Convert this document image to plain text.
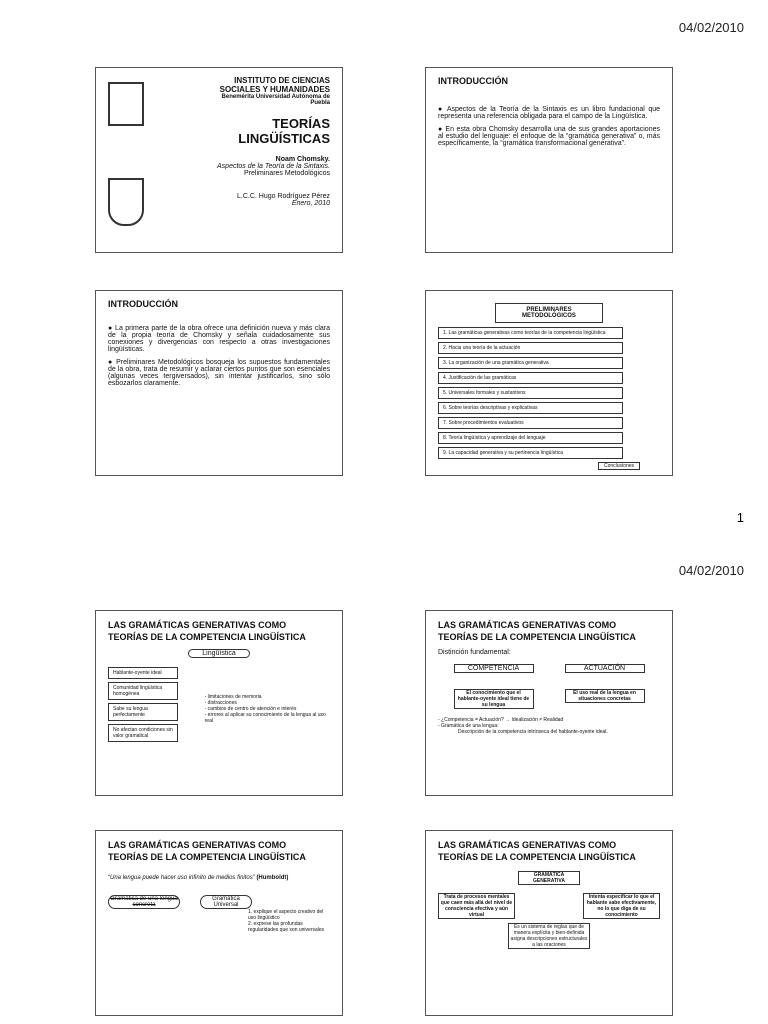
04/02/2010
1
04/02/2010
INSTITUTO DE CIENCIAS SOCIALES Y HUMANIDADES
Benemérita Universidad Autónoma de Puebla
TEORÍAS LINGÜÍSTICAS
Noam Chomsky.
Aspectos de la Teoría de la Sintaxis.
Preliminares Metodológicos
L.C.C. Hugo Rodríguez Pérez
Enero, 2010
INTRODUCCIÓN
● Aspectos de la Teoría de la Sintaxis es un libro fundacional que representa una referencia obligada para el campo de la Lingüística.
● En esta obra Chomsky desarrolla una de sus grandes aportaciones al estudio del lenguaje: el enfoque de la “gramática generativa” o, más específicamente, la “gramática transformacional generativa”.
INTRODUCCIÓN
● La primera parte de la obra ofrece una definición nueva y más clara de la propia teoría de Chomsky y señala cuidadosamente sus conexiones y divergencias con respecto a otras investigaciones lingüísticas.
● Preliminares Metodológicos bosqueja los supuestos fundamentales de la obra, trata de resumir y aclarar ciertos puntos que son esenciales (algunas veces tergiversados), sin intentar justificarlos, sino sólo esbozarlos claramente.
PRELIMINARES METODOLÓGICOS
1. Las gramáticas generativas como teorías de la competencia lingüística
2. Hacia una teoría de la actuación
3. La organización de una gramática generativa
4. Justificación de las gramáticas
5. Universales formales y sustantivos
6. Sobre teorías descriptivas y explicativas
7. Sobre procedimientos evaluativos
8. Teoría lingüística y aprendizaje del lenguaje
9. La capacidad generativa y su pertinencia lingüística
Conclusiones
LAS GRAMÁTICAS GENERATIVAS COMO
TEORÍAS DE LA COMPETENCIA LINGÜÍSTICA
Lingüística
Hablante-oyente ideal
Comunidad lingüística homogénea
Sabe su lengua perfectamente
No afectan condiciones sin valor gramatical
- limitaciones de memoria
- distracciones
- cambios de centro de atención e interés
- errores al aplicar su conocimiento de la lengua al uso real
LAS GRAMÁTICAS GENERATIVAS COMO
TEORÍAS DE LA COMPETENCIA LINGÜÍSTICA
Distinción fundamental:
COMPETENCIA
El conocimiento que el hablante-oyente ideal tiene de su lengua
ACTUACIÓN
El uso real de la lengua en situaciones concretas
- ¿Competencia = Actuación? → Idealización ≠ Realidad
- Gramática de una lengua:
Descripción de la competencia intrínseca del hablante-oyente ideal.
LAS GRAMÁTICAS GENERATIVAS COMO
TEORÍAS DE LA COMPETENCIA LINGÜÍSTICA
“Una lengua puede hacer uso infinito de medios finitos” (Humboldt)
Gramática de una lengua concreta
Gramática Universal
1. explique el aspecto creativo del uso lingüístico
2. exprese las profundas regularidades que son universales
LAS GRAMÁTICAS GENERATIVAS COMO
TEORÍAS DE LA COMPETENCIA LINGÜÍSTICA
GRAMÁTICA GENERATIVA
Trata de procesos mentales que caen más allá del nivel de consciencia efectiva y aún virtual
Intenta especificar lo que el hablante sabe efectivamente, no lo que diga de su conocimiento
Es un sistema de reglas que de manera explícita y bien-definida asigna descripciones estructurales a las oraciones
